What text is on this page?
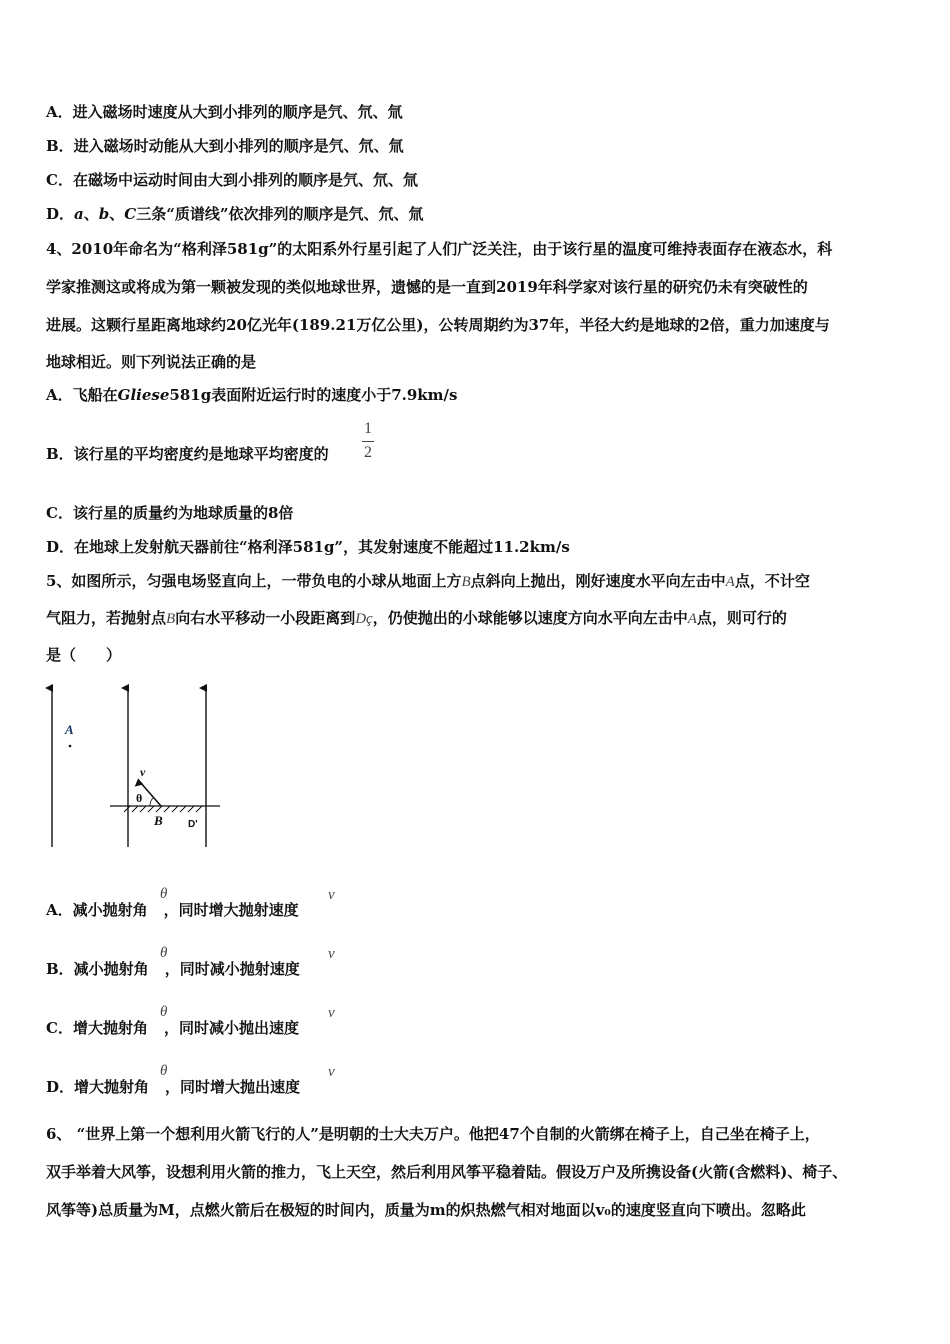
A．进入磁场时速度从大到小排列的顺序是氕、氘、氚
B．进入磁场时动能从大到小排列的顺序是氕、氘、氚
C．在磁场中运动时间由大到小排列的顺序是氕、氘、氚
D．a、b、C三条“质谱线”依次排列的顺序是氕、氘、氚
4、2010年命名为“格利泽581g”的太阳系外行星引起了人们广泛关注，由于该行星的温度可维持表面存在液态水，科
学家推测这或将成为第一颗被发现的类似地球世界，遗憾的是一直到2019年科学家对该行星的研究仍未有突破性的
进展。这颗行星距离地球约20亿光年(189.21万亿公里)，公转周期约为37年，半径大约是地球的2倍，重力加速度与
地球相近。则下列说法正确的是
A．飞船在Gliese581g表面附近运行时的速度小于7.9km/s
B．该行星的平均密度约是地球平均密度的
1
2
C．该行星的质量约为地球质量的8倍
D．在地球上发射航天器前往“格利泽581g”，其发射速度不能超过11.2km/s
5、如图所示，匀强电场竖直向上，一带负电的小球从地面上方B点斜向上抛出，刚好速度水平向左击中A点，不计空
气阻力，若抛射点B向右水平移动一小段距离到Dç，仍使抛出的小球能够以速度方向水平向左击中A点，则可行的
是（　　）
A
v
θ
B	D'
A．减小抛射角 ，同时增大抛射速度
θ	v
B．减小抛射角 ，同时减小抛射速度
θ	v
C．增大抛射角 ，同时减小抛出速度
θ	v
D．增大抛射角 ，同时增大抛出速度
θ	v
6、 “世界上第一个想利用火箭飞行的人”是明朝的士大夫万户。他把47个自制的火箭绑在椅子上，自己坐在椅子上，
双手举着大风筝，设想利用火箭的推力，飞上天空，然后利用风筝平稳着陆。假设万户及所携设备(火箭(含燃料)、椅子、
风筝等)总质量为M，点燃火箭后在极短的时间内，质量为m的炽热燃气相对地面以v₀的速度竖直向下喷出。忽略此
